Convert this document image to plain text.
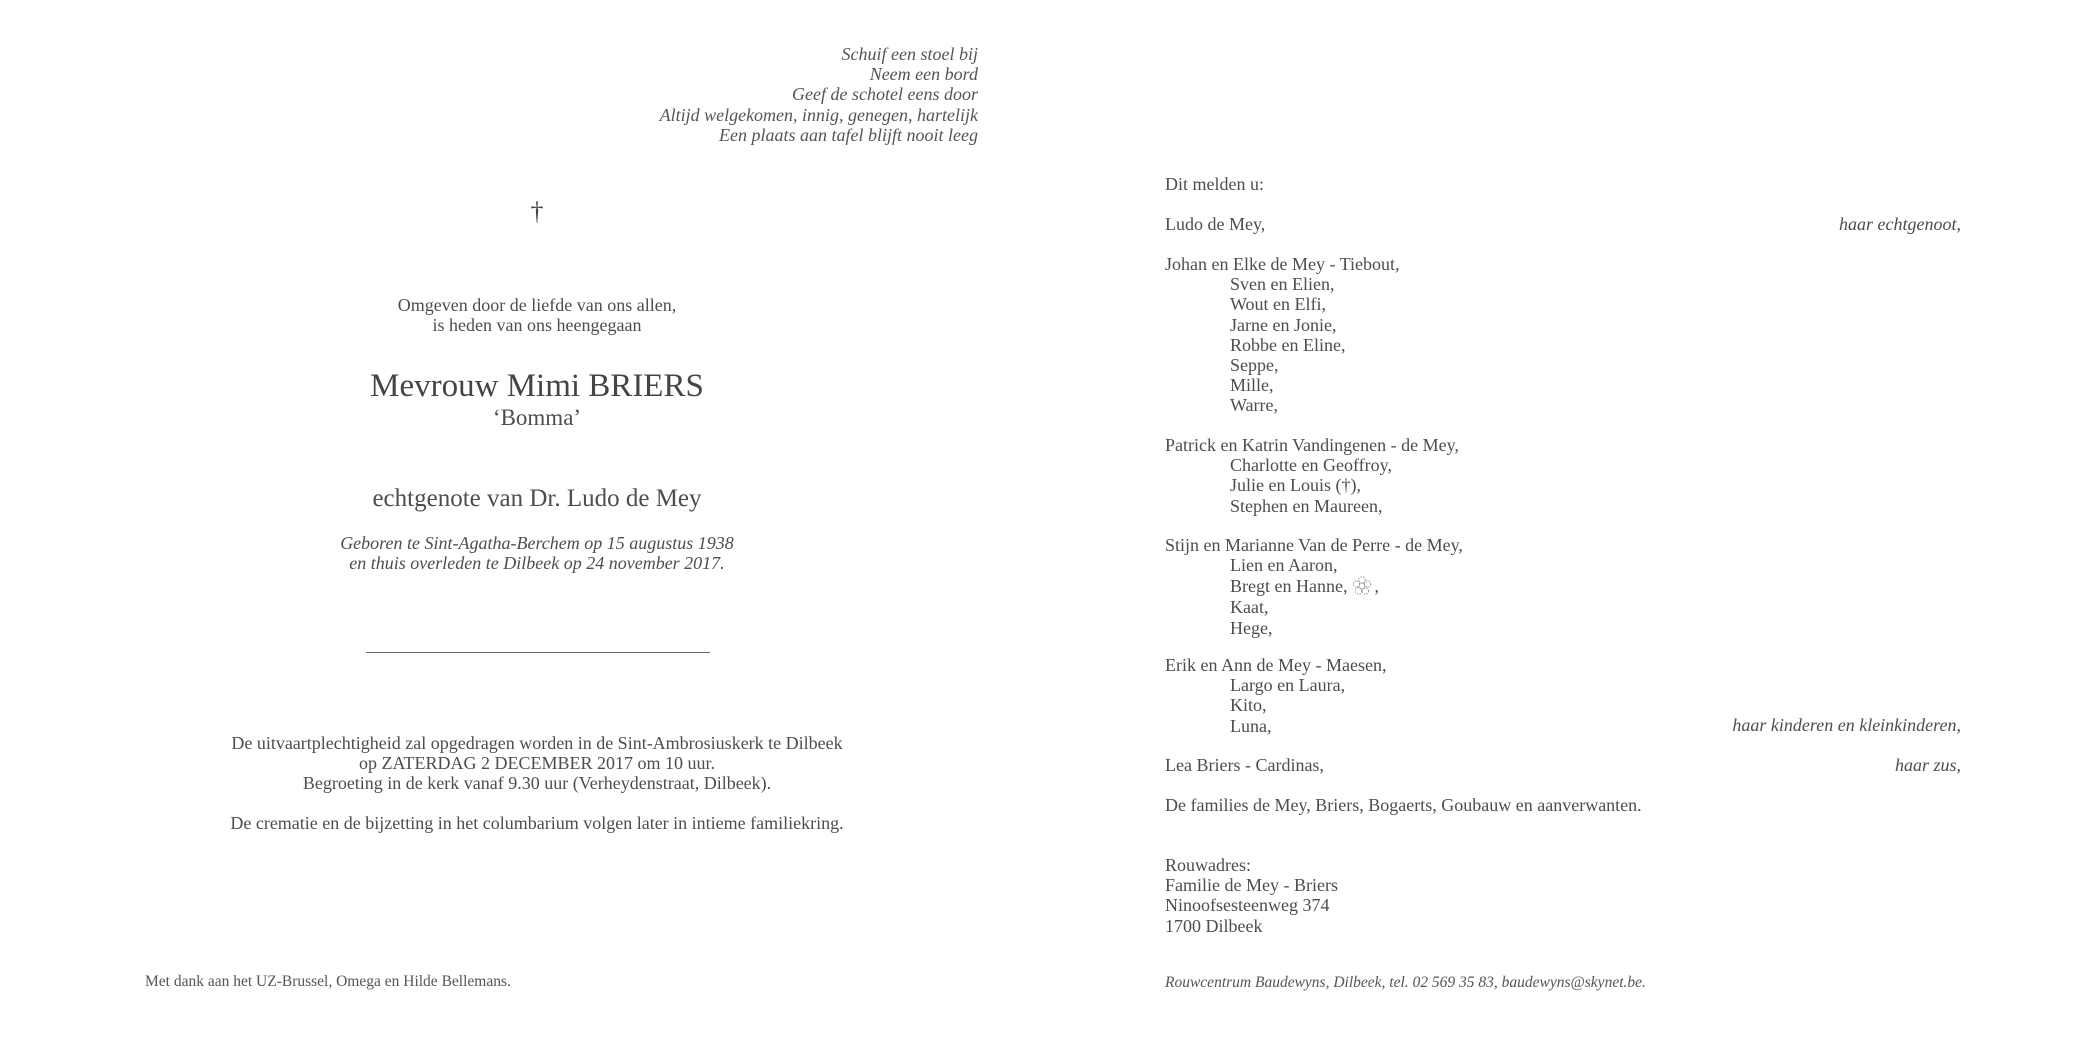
Schuif een stoel bij
Neem een bord
Geef de schotel eens door
Altijd welgekomen, innig, genegen, hartelijk
Een plaats aan tafel blijft nooit leeg
†
Omgeven door de liefde van ons allen,
is heden van ons heengegaan
Mevrouw Mimi BRIERS
‘Bomma’
echtgenote van Dr. Ludo de Mey
Geboren te Sint-Agatha-Berchem op 15 augustus 1938
en thuis overleden te Dilbeek op 24 november 2017.
De uitvaartplechtigheid zal opgedragen worden in de Sint-Ambrosiuskerk te Dilbeek
op ZATERDAG 2 DECEMBER 2017 om 10 uur.
Begroeting in de kerk vanaf 9.30 uur (Verheydenstraat, Dilbeek).
De crematie en de bijzetting in het columbarium volgen later in intieme familiekring.
Met dank aan het UZ-Brussel, Omega en Hilde Bellemans.
Dit melden u:
Ludo de Mey,	haar echtgenoot,
Johan en Elke de Mey - Tiebout,
Sven en Elien,
Wout en Elfi,
Jarne en Jonie,
Robbe en Eline,
Seppe,
Mille,
Warre,
Patrick en Katrin Vandingenen - de Mey,
Charlotte en Geoffroy,
Julie en Louis (†),
Stephen en Maureen,
Stijn en Marianne Van de Perre - de Mey,
Lien en Aaron,
Bregt en Hanne, ,
Kaat,
Hege,
Erik en Ann de Mey - Maesen,
Largo en Laura,
Kito,
Luna,	haar kinderen en kleinkinderen,
Lea Briers - Cardinas,	haar zus,
De families de Mey, Briers, Bogaerts, Goubauw en aanverwanten.
Rouwadres:
Familie de Mey - Briers
Ninoofsesteenweg 374
1700 Dilbeek
Rouwcentrum Baudewyns, Dilbeek, tel. 02 569 35 83, baudewyns@skynet.be.
